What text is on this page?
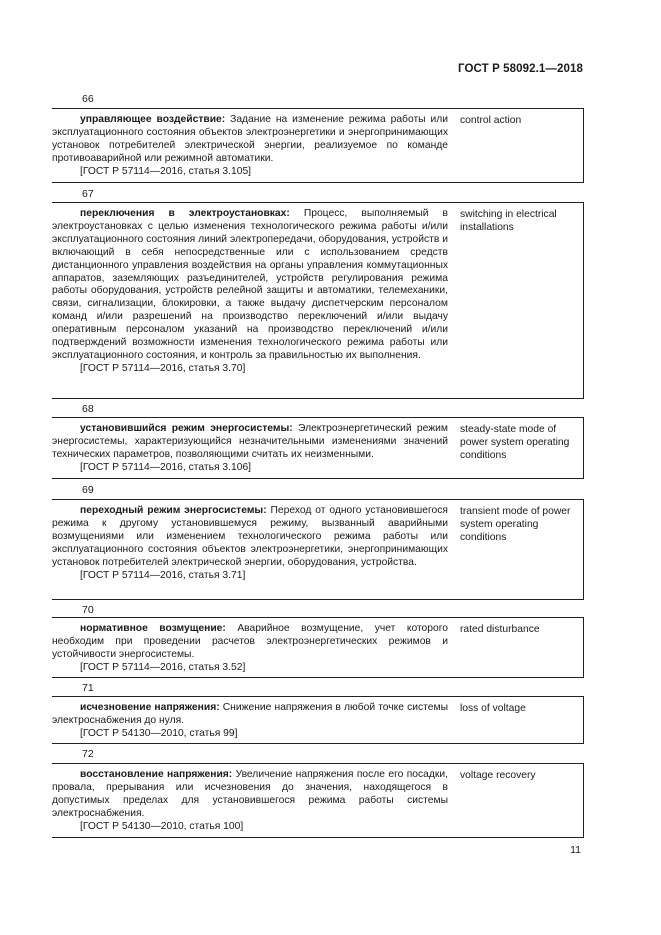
ГОСТ Р 58092.1—2018
66

управляющее воздействие: Задание на изменение режима работы или эксплуатационного состояния объектов электроэнергетики и энергопринимающих установок потребителей электрической энергии, реализуемое по команде противоаварийной или режимной автоматики.

[ГОСТ Р 57114—2016, статья 3.105]

control action
67

переключения в электроустановках: Процесс, выполняемый в электроустановках с целью изменения технологического режима работы и/или эксплуатационного состояния линий электропередачи, оборудования, устройств и включающий в себя непосредственные или с использованием средств дистанционного управления воздействия на органы управления коммутационных аппаратов, заземляющих разъединителей, устройств регулирования режима работы оборудования, устройств релейной защиты и автоматики, телемеханики, связи, сигнализации, блокировки, а также выдачу диспетчерским персоналом команд и/или разрешений на производство переключений и/или выдачу оперативным персоналом указаний на производство переключений и/или подтверждений возможности изменения технологического режима работы или эксплуатационного состояния, и контроль за правильностью их выполнения.

[ГОСТ Р 57114—2016, статья 3.70]

switching in electrical installations
68

установившийся режим энергосистемы: Электроэнергетический режим энергосистемы, характеризующийся незначительными изменениями значений технических параметров, позволяющими считать их неизменными.

[ГОСТ Р 57114—2016, статья 3.106]

steady-state mode of power system operating conditions
69

переходный режим энергосистемы: Переход от одного установившегося режима к другому установившемуся режиму, вызванный аварийными возмущениями или изменением технологического режима работы или эксплуатационного состояния объектов электроэнергетики, энергопринимающих установок потребителей электрической энергии, оборудования, устройства.

[ГОСТ Р 57114—2016, статья 3.71]

transient mode of power system operating conditions
70

нормативное возмущение: Аварийное возмущение, учет которого необходим при проведении расчетов электроэнергетических режимов и устойчивости энергосистемы.

[ГОСТ Р 57114—2016, статья 3.52]

rated disturbance
71

исчезновение напряжения: Снижение напряжения в любой точке системы электроснабжения до нуля.

[ГОСТ Р 54130—2010, статья 99]

loss of voltage
72

восстановление напряжения: Увеличение напряжения после его посадки, провала, прерывания или исчезновения до значения, находящегося в допустимых пределах для установившегося режима работы системы электроснабжения.

[ГОСТ Р 54130—2010, статья 100]

voltage recovery
11
